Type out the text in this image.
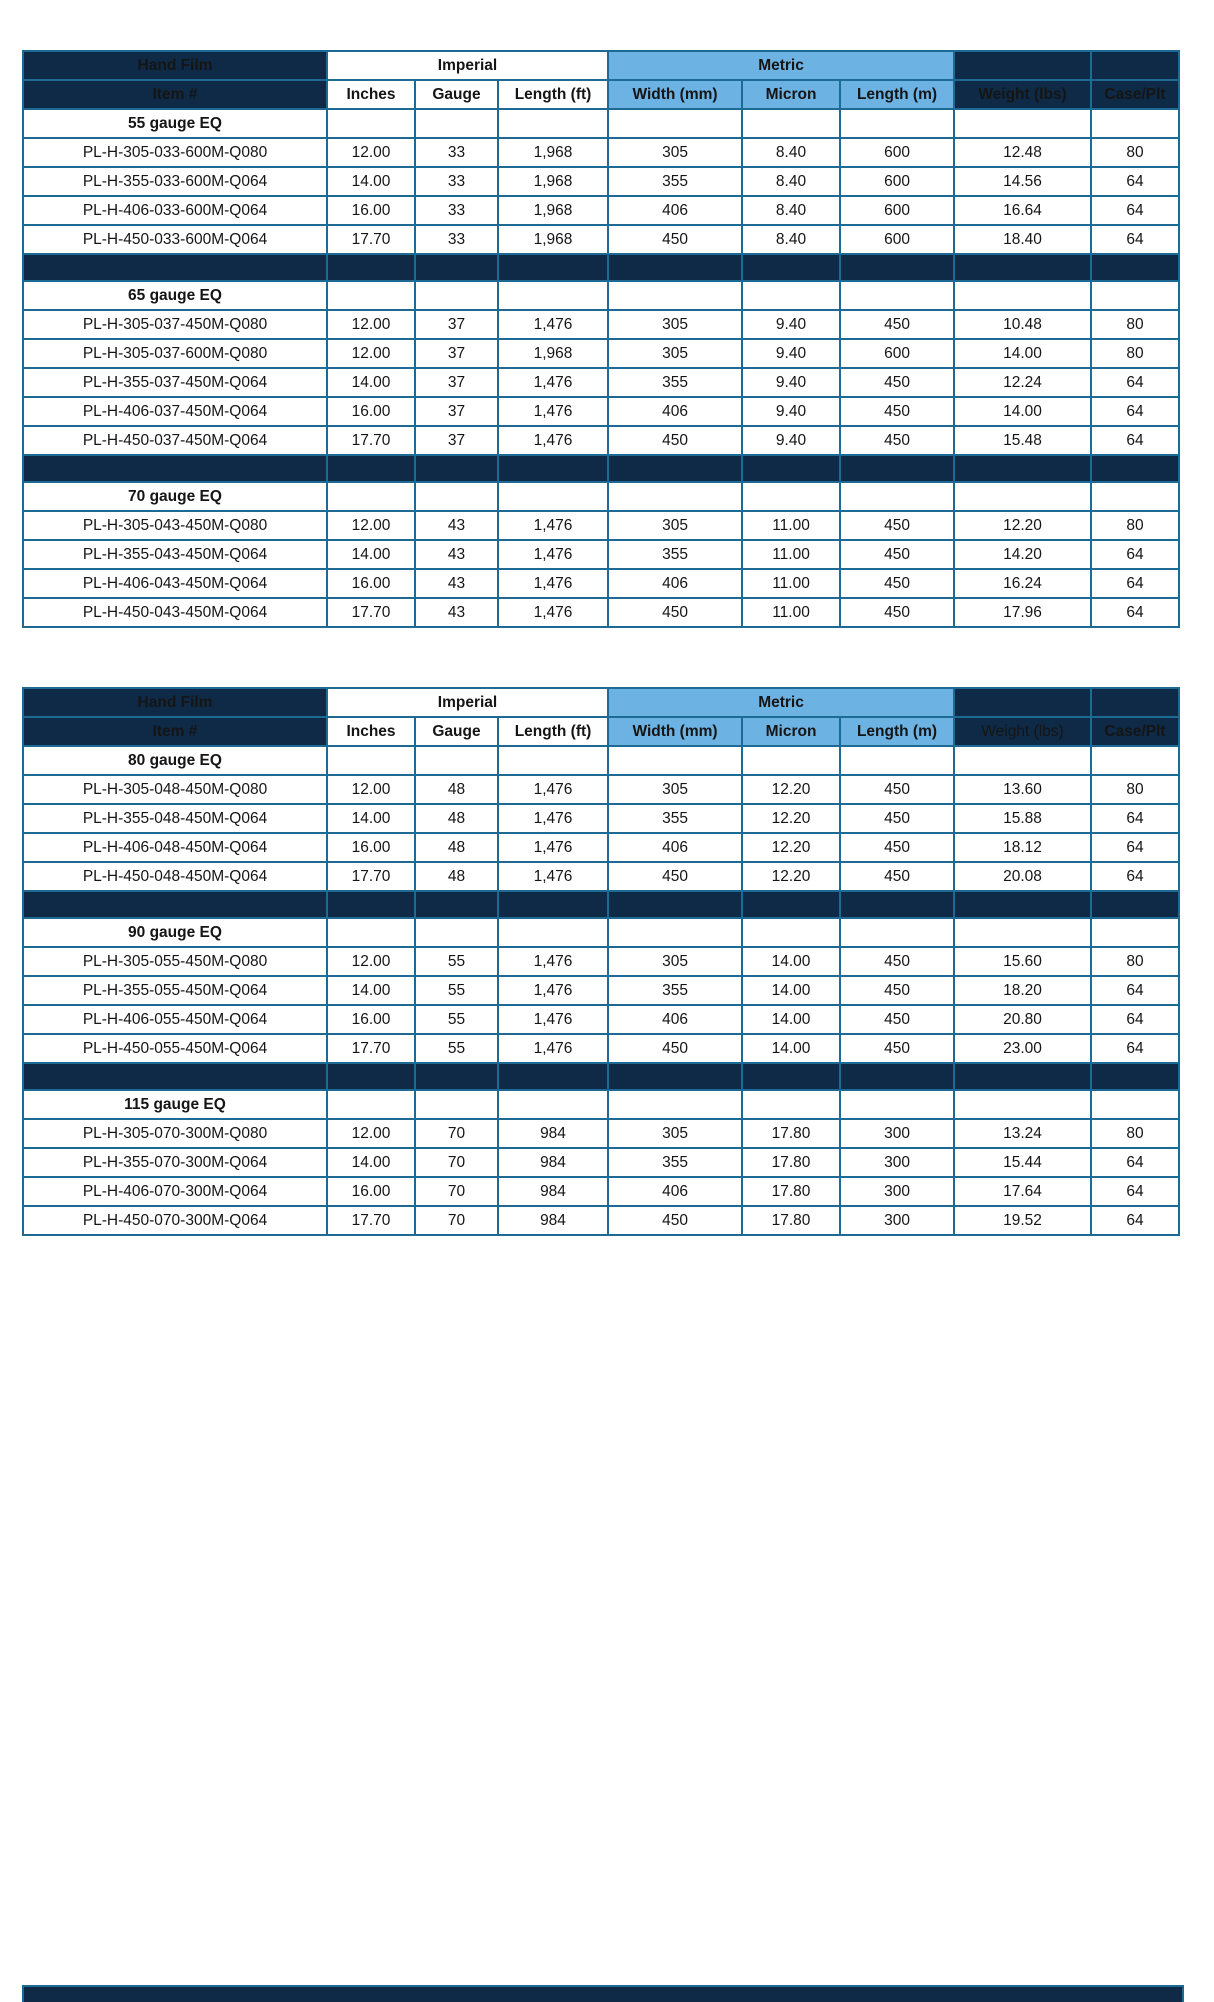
Hand Film	Imperial			Metric				
Item #	Inches	Gauge	Length (ft)	Width (mm)	Micron	Length (m)	Weight (lbs)	Case/Plt
55 gauge EQ								
PL-H-305-033-600M-Q080	12.00	33	1,968	305	8.40	600	12.48	80
PL-H-355-033-600M-Q064	14.00	33	1,968	355	8.40	600	14.56	64
PL-H-406-033-600M-Q064	16.00	33	1,968	406	8.40	600	16.64	64
PL-H-450-033-600M-Q064	17.70	33	1,968	450	8.40	600	18.40	64

65 gauge EQ								
PL-H-305-037-450M-Q080	12.00	37	1,476	305	9.40	450	10.48	80
PL-H-305-037-600M-Q080	12.00	37	1,968	305	9.40	600	14.00	80
PL-H-355-037-450M-Q064	14.00	37	1,476	355	9.40	450	12.24	64
PL-H-406-037-450M-Q064	16.00	37	1,476	406	9.40	450	14.00	64
PL-H-450-037-450M-Q064	17.70	37	1,476	450	9.40	450	15.48	64

70 gauge EQ								
PL-H-305-043-450M-Q080	12.00	43	1,476	305	11.00	450	12.20	80
PL-H-355-043-450M-Q064	14.00	43	1,476	355	11.00	450	14.20	64
PL-H-406-043-450M-Q064	16.00	43	1,476	406	11.00	450	16.24	64
PL-H-450-043-450M-Q064	17.70	43	1,476	450	11.00	450	17.96	64
Hand Film	Imperial			Metric				
Item #	Inches	Gauge	Length (ft)	Width (mm)	Micron	Length (m)	Weight (lbs)	Case/Plt
80 gauge EQ								
PL-H-305-048-450M-Q080	12.00	48	1,476	305	12.20	450	13.60	80
PL-H-355-048-450M-Q064	14.00	48	1,476	355	12.20	450	15.88	64
PL-H-406-048-450M-Q064	16.00	48	1,476	406	12.20	450	18.12	64
PL-H-450-048-450M-Q064	17.70	48	1,476	450	12.20	450	20.08	64

90 gauge EQ								
PL-H-305-055-450M-Q080	12.00	55	1,476	305	14.00	450	15.60	80
PL-H-355-055-450M-Q064	14.00	55	1,476	355	14.00	450	18.20	64
PL-H-406-055-450M-Q064	16.00	55	1,476	406	14.00	450	20.80	64
PL-H-450-055-450M-Q064	17.70	55	1,476	450	14.00	450	23.00	64

115 gauge EQ								
PL-H-305-070-300M-Q080	12.00	70	984	305	17.80	300	13.24	80
PL-H-355-070-300M-Q064	14.00	70	984	355	17.80	300	15.44	64
PL-H-406-070-300M-Q064	16.00	70	984	406	17.80	300	17.64	64
PL-H-450-070-300M-Q064	17.70	70	984	450	17.80	300	19.52	64
